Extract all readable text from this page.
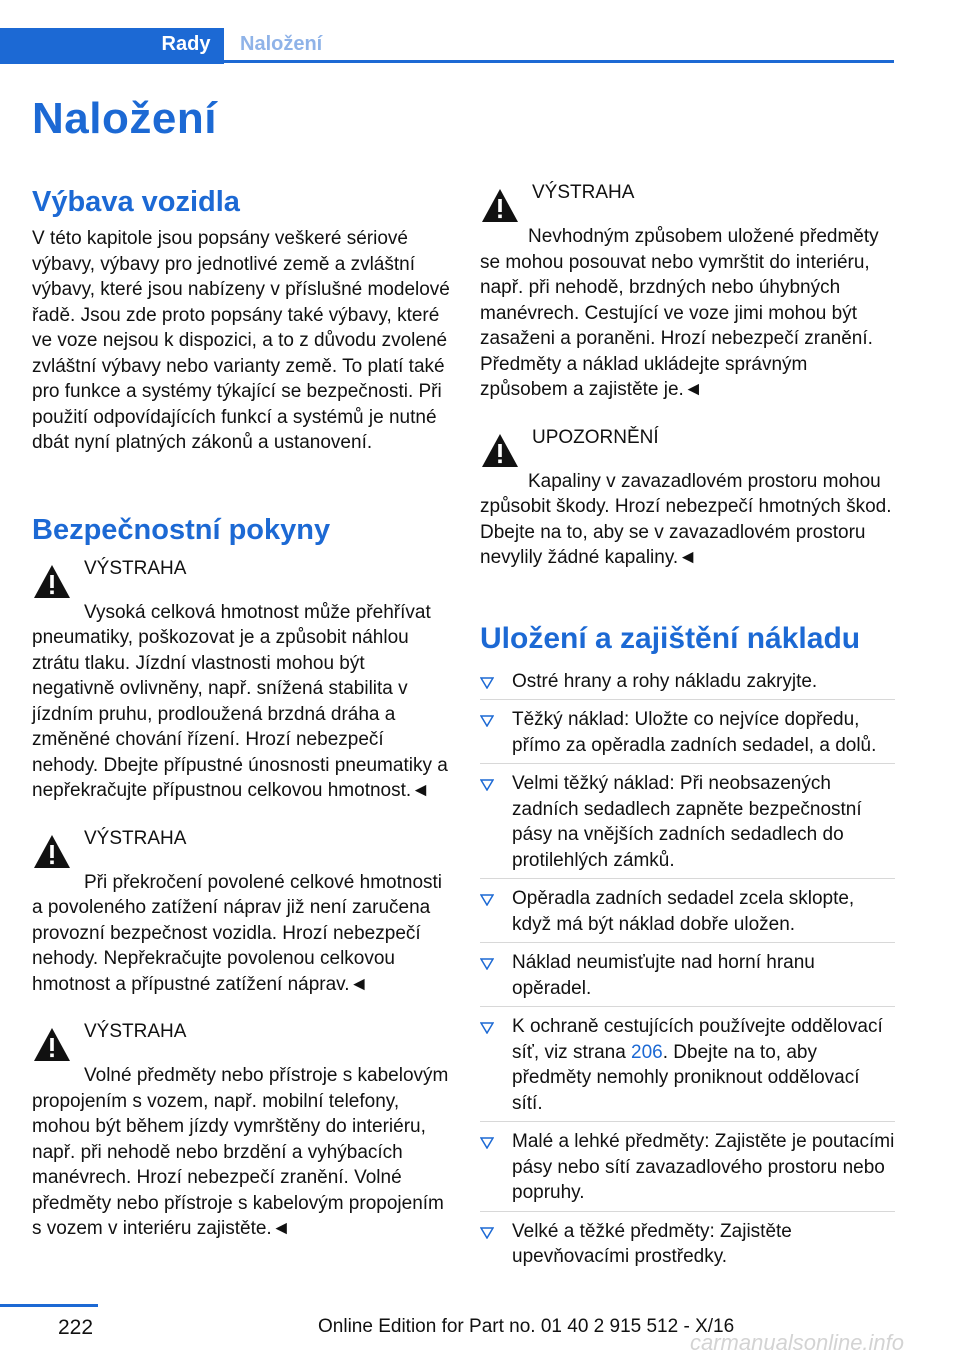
Rady	Naložení
Naložení
Výbava vozidla

V této kapitole jsou popsány veškeré sériové výbavy, výbavy pro jednotlivé země a zvláštní výbavy, které jsou nabízeny v příslušné modelové řadě. Jsou zde proto popsány také výbavy, které ve voze nejsou k dispozici, a to z důvodu zvolené zvláštní výbavy nebo varianty země. To platí také pro funkce a systémy týkající se bezpečnosti. Při použití odpovídajících funkcí a systémů je nutné dbát nyní platných zákonů a ustanovení.

Bezpečnostní pokyny
VÝSTRAHA
Vysoká celková hmotnost může přehřívat pneumatiky, poškozovat je a způsobit náhlou ztrátu tlaku. Jízdní vlastnosti mohou být negativně ovlivněny, např. snížená stabilita v jízdním pruhu, prodloužená brzdná dráha a změněné chování řízení. Hrozí nebezpečí nehody. Dbejte přípustné únosnosti pneumatiky a nepřekračujte přípustnou celkovou hmotnost.◄
VÝSTRAHA
Při překročení povolené celkové hmotnosti a povoleného zatížení náprav již není zaručena provozní bezpečnost vozidla. Hrozí nebezpečí nehody. Nepřekračujte povolenou celkovou hmotnost a přípustné zatížení náprav.◄
VÝSTRAHA
Volné předměty nebo přístroje s kabelovým propojením s vozem, např. mobilní telefony, mohou být během jízdy vymrštěny do interiéru, např. při nehodě nebo brzdění a vyhýbacích manévrech. Hrozí nebezpečí zranění. Volné předměty nebo přístroje s kabelovým propojením s vozem v interiéru zajistěte.◄
VÝSTRAHA
Nevhodným způsobem uložené předměty se mohou posouvat nebo vymrštit do interiéru, např. při nehodě, brzdných nebo úhybných manévrech. Cestující ve voze jimi mohou být zasaženi a poraněni. Hrozí nebezpečí zranění. Předměty a náklad ukládejte správným způsobem a zajistěte je.◄
UPOZORNĚNÍ
Kapaliny v zavazadlovém prostoru mohou způsobit škody. Hrozí nebezpečí hmotných škod. Dbejte na to, aby se v zavazadlovém prostoru nevylily žádné kapaliny.◄
Uložení a zajištění nákladu
Ostré hrany a rohy nákladu zakryjte.
Těžký náklad: Uložte co nejvíce dopředu, přímo za opěradla zadních sedadel, a dolů.
Velmi těžký náklad: Při neobsazených zadních sedadlech zapněte bezpečnostní pásy na vnějších zadních sedadlech do protilehlých zámků.
Opěradla zadních sedadel zcela sklopte, když má být náklad dobře uložen.
Náklad neumisťujte nad horní hranu opěradel.
K ochraně cestujících používejte oddělovací síť, viz strana 206. Dbejte na to, aby předměty nemohly proniknout oddělovací sítí.
Malé a lehké předměty: Zajistěte je poutacími pásy nebo sítí zavazadlového prostoru nebo popruhy.
Velké a těžké předměty: Zajistěte upevňovacími prostředky.
222	Online Edition for Part no. 01 40 2 915 512 - X/16
carmanualsonline.info
